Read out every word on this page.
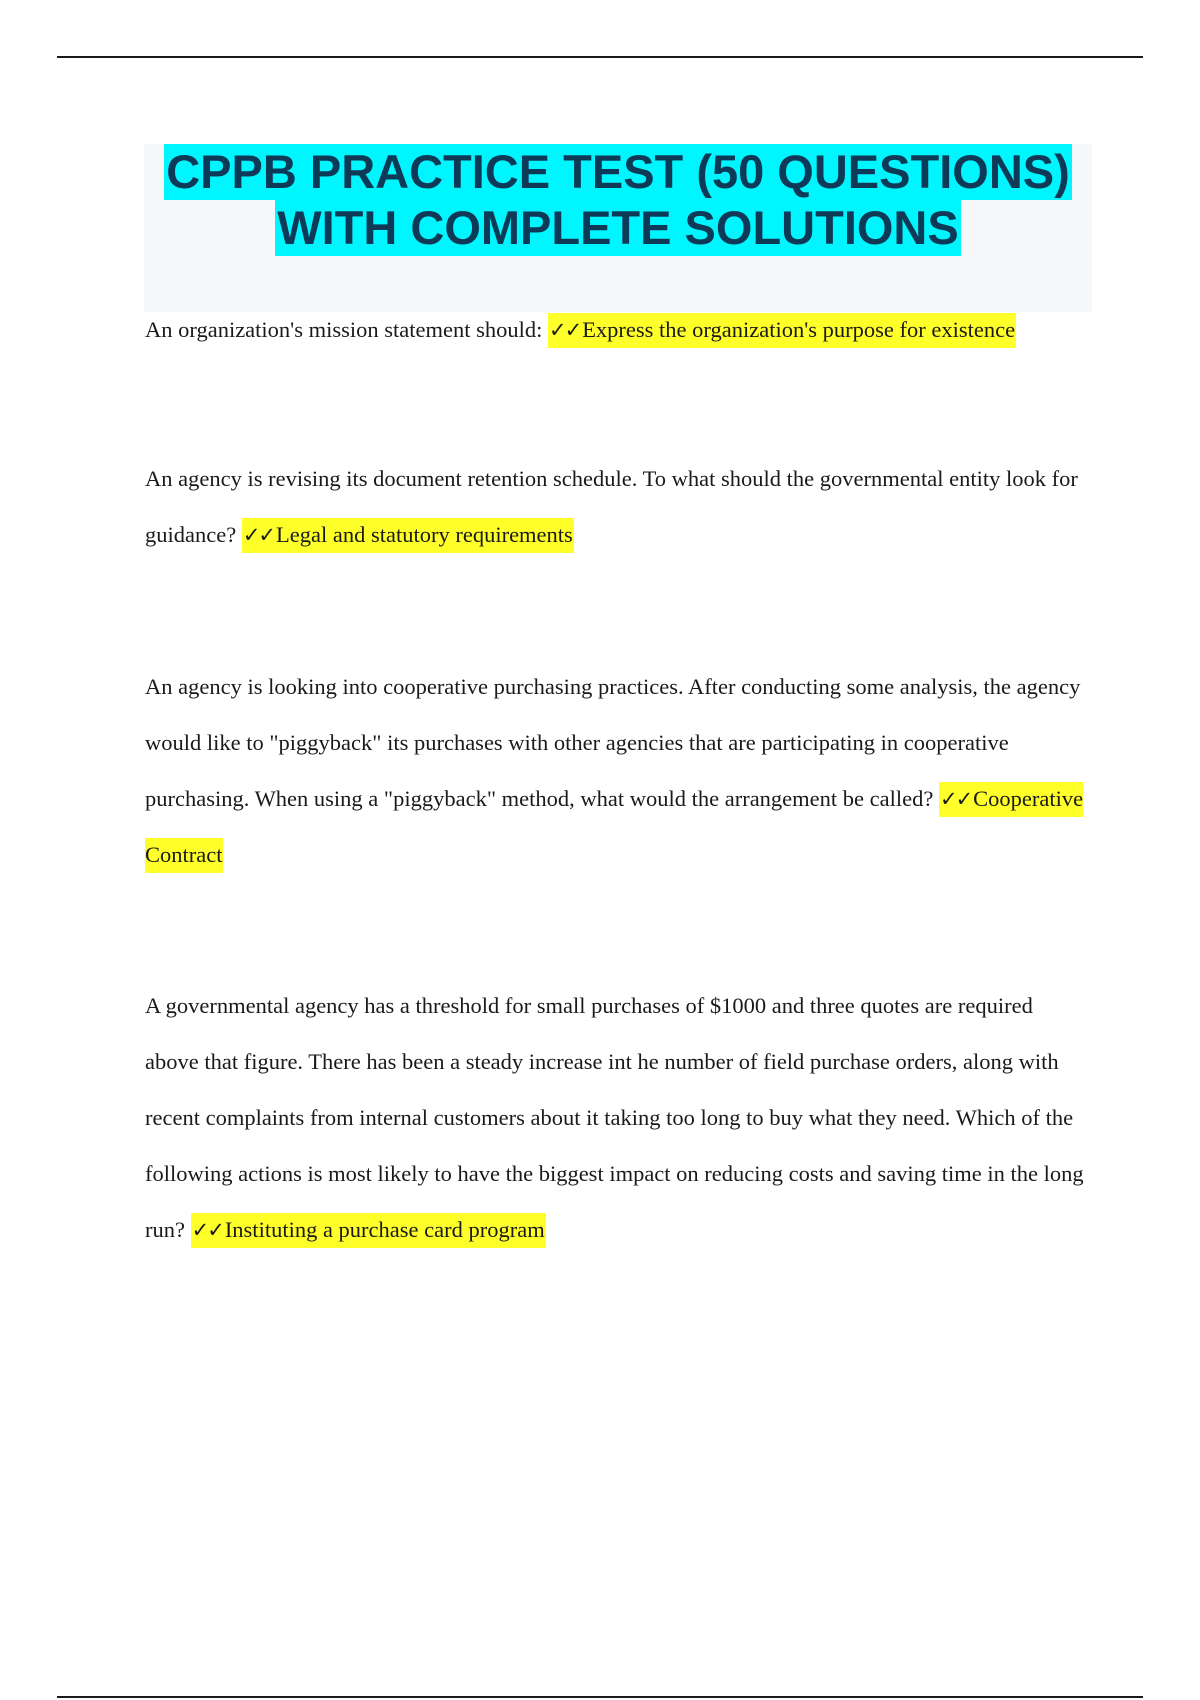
CPPB PRACTICE TEST (50 QUESTIONS)
WITH COMPLETE SOLUTIONS

An organization's mission statement should: ✓✓Express the organization's purpose for existence

An agency is revising its document retention schedule. To what should the governmental entity look for guidance? ✓✓Legal and statutory requirements

An agency is looking into cooperative purchasing practices. After conducting some analysis, the agency would like to "piggyback" its purchases with other agencies that are participating in cooperative purchasing. When using a "piggyback" method, what would the arrangement be called? ✓✓Cooperative Contract

A governmental agency has a threshold for small purchases of $1000 and three quotes are required above that figure. There has been a steady increase int he number of field purchase orders, along with recent complaints from internal customers about it taking too long to buy what they need. Which of the following actions is most likely to have the biggest impact on reducing costs and saving time in the long run? ✓✓Instituting a purchase card program
